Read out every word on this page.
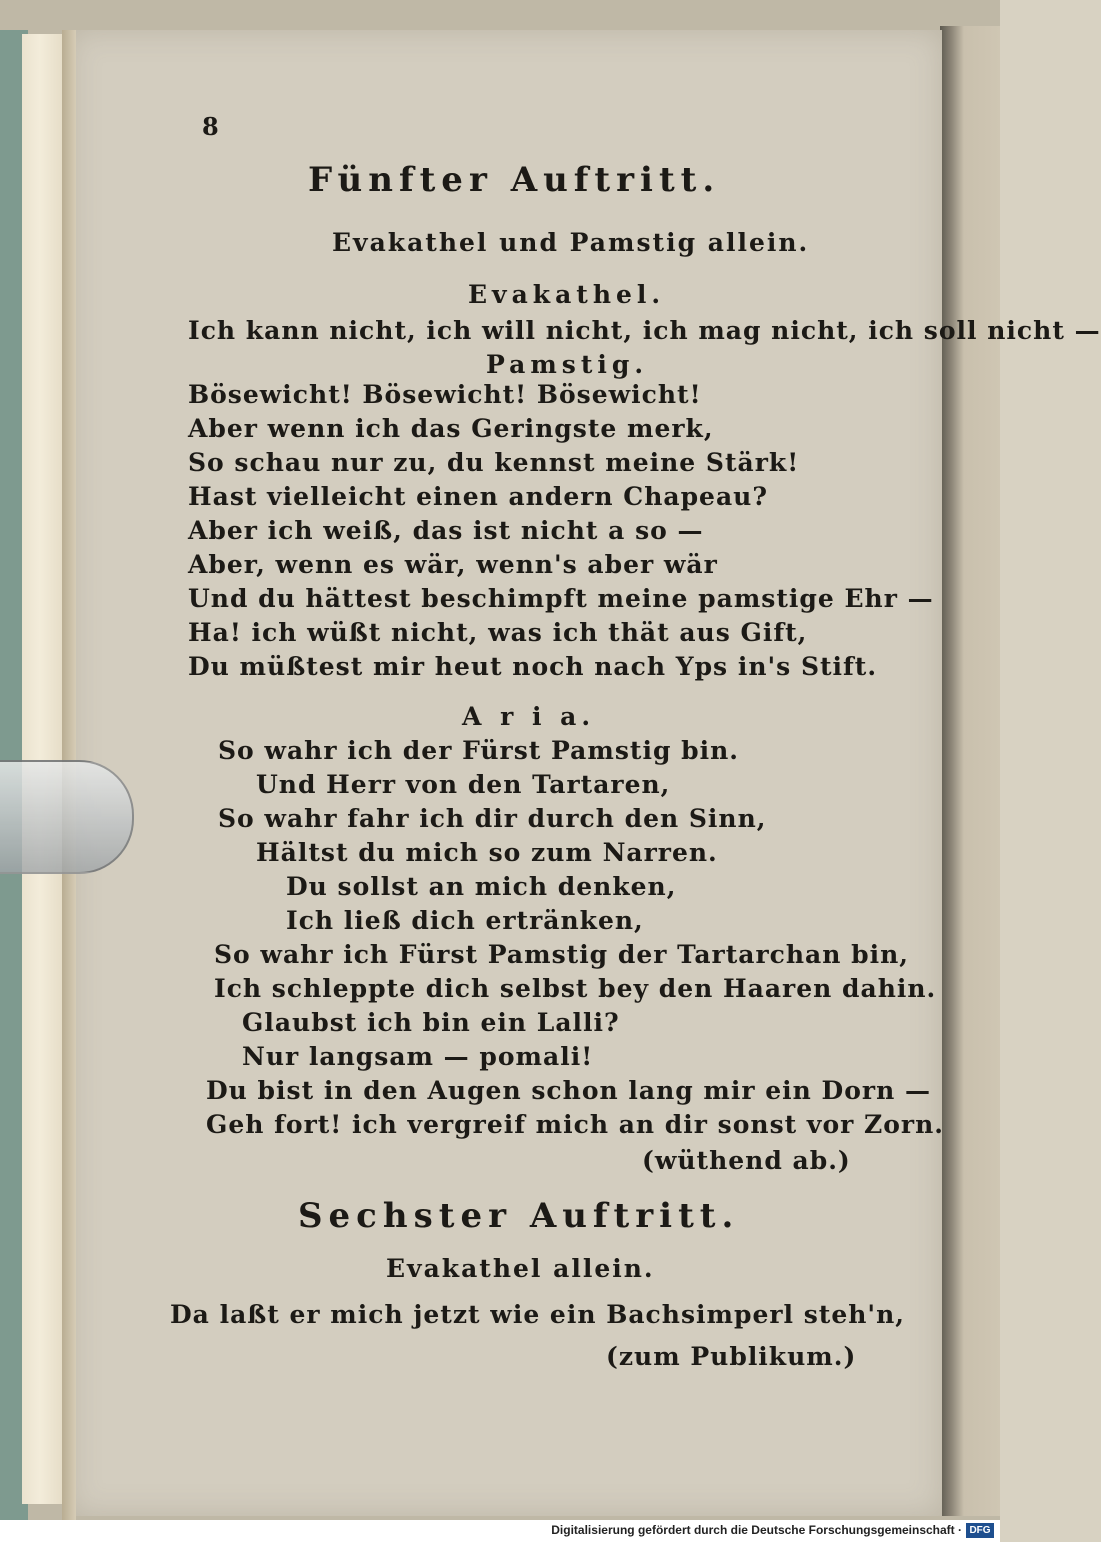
8
Fünfter Auftritt.
Evakathel und Pamstig allein.
Evakathel.
Ich kann nicht, ich will nicht, ich mag nicht, ich soll nicht —
Pamstig.
Bösewicht! Bösewicht! Bösewicht!
Aber wenn ich das Geringste merk,
So schau nur zu, du kennst meine Stärk!
Hast vielleicht einen andern Chapeau?
Aber ich weiß, das ist nicht a so —
Aber, wenn es wär, wenn's aber wär
Und du hättest beschimpft meine pamstige Ehr —
Ha! ich wüßt nicht, was ich thät aus Gift,
Du müßtest mir heut noch nach Yps in's Stift.
A r i a.
So wahr ich der Fürst Pamstig bin.
Und Herr von den Tartaren,
So wahr fahr ich dir durch den Sinn,
Hältst du mich so zum Narren.
Du sollst an mich denken,
Ich ließ dich ertränken,
So wahr ich Fürst Pamstig der Tartarchan bin,
Ich schleppte dich selbst bey den Haaren dahin.
Glaubst ich bin ein Lalli?
Nur langsam — pomali!
Du bist in den Augen schon lang mir ein Dorn —
Geh fort! ich vergreif mich an dir sonst vor Zorn.
(wüthend ab.)
Sechster Auftritt.
Evakathel allein.
Da laßt er mich jetzt wie ein Bachsimperl steh'n,
(zum Publikum.)
Digitalisierung gefördert durch die Deutsche Forschungsgemeinschaft · DFG
